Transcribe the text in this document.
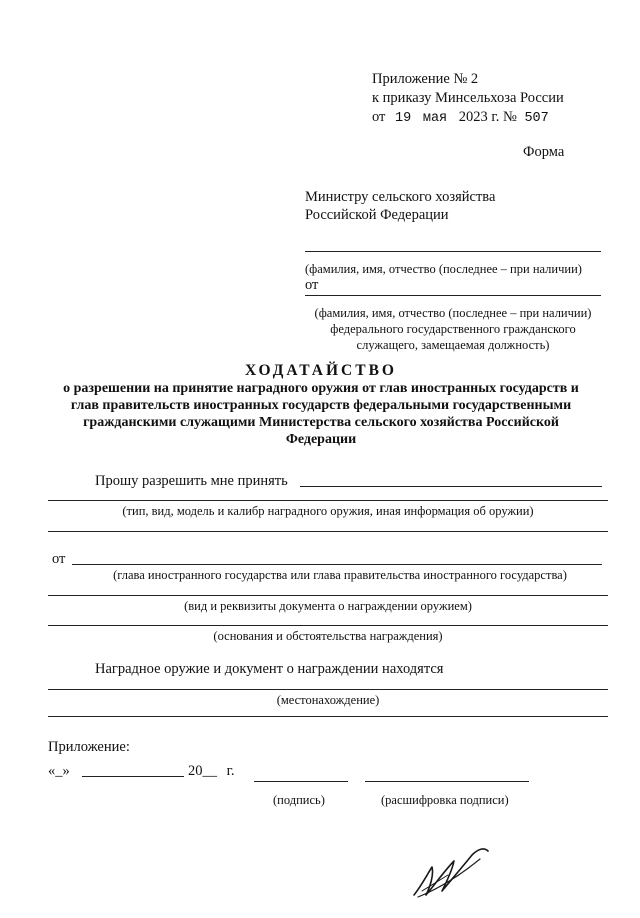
Приложение № 2
к приказу Минсельхоза России
от 19 мая 2023 г. № 507
Форма
Министру сельского хозяйства
Российской Федерации
(фамилия, имя, отчество (последнее – при наличии)
от
(фамилия, имя, отчество (последнее – при наличии)
федерального государственного гражданского
служащего, замещаемая должность)
ХОДАТАЙСТВО
о разрешении на принятие наградного оружия от глав иностранных государств и глав правительств иностранных государств федеральными государственными гражданскими служащими Министерства сельского хозяйства Российской Федерации
Прошу разрешить мне принять
(тип, вид, модель и калибр наградного оружия, иная информация об оружии)
от
(глава иностранного государства или глава правительства иностранного государства)
(вид и реквизиты документа о награждении оружием)
(основания и обстоятельства награждения)
Наградное оружие и документ о награждении находятся
(местонахождение)
Приложение:
«_»	20__ г.
(подпись)	(расшифровка подписи)
